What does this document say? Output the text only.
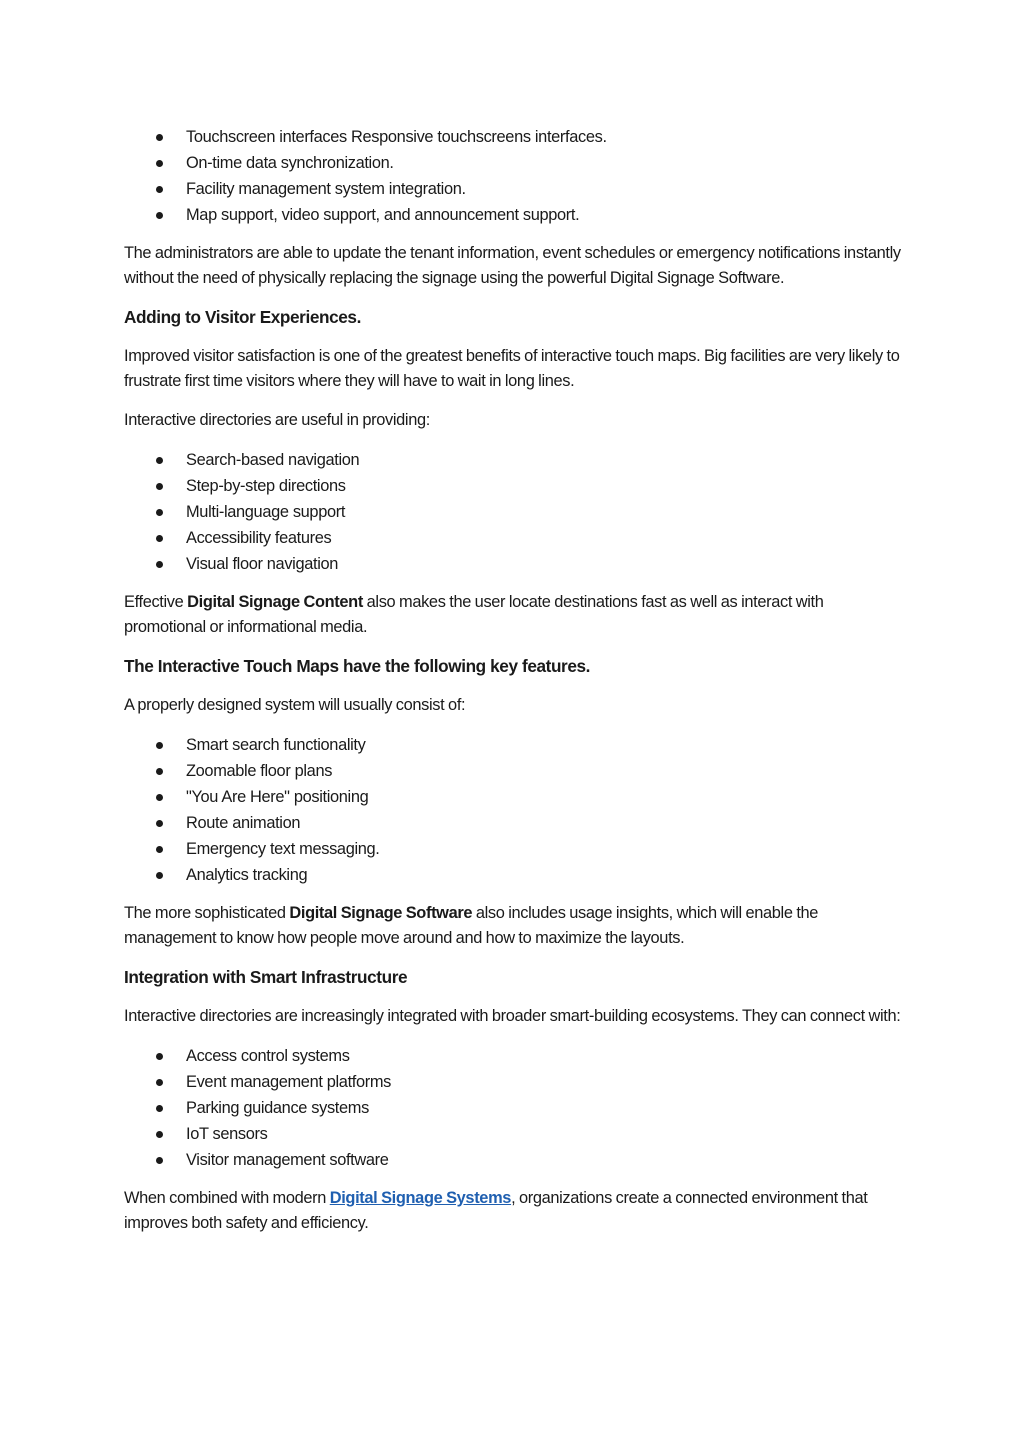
Touchscreen interfaces Responsive touchscreens interfaces.
On-time data synchronization.
Facility management system integration.
Map support, video support, and announcement support.

The administrators are able to update the tenant information, event schedules or emergency notifications instantly without the need of physically replacing the signage using the powerful Digital Signage Software.

Adding to Visitor Experiences.

Improved visitor satisfaction is one of the greatest benefits of interactive touch maps. Big facilities are very likely to frustrate first time visitors where they will have to wait in long lines.

Interactive directories are useful in providing:

Search-based navigation
Step-by-step directions
Multi-language support
Accessibility features
Visual floor navigation

Effective Digital Signage Content also makes the user locate destinations fast as well as interact with promotional or informational media.

The Interactive Touch Maps have the following key features.

A properly designed system will usually consist of:

Smart search functionality
Zoomable floor plans
"You Are Here" positioning
Route animation
Emergency text messaging.
Analytics tracking

The more sophisticated Digital Signage Software also includes usage insights, which will enable the management to know how people move around and how to maximize the layouts.

Integration with Smart Infrastructure

Interactive directories are increasingly integrated with broader smart-building ecosystems. They can connect with:

Access control systems
Event management platforms
Parking guidance systems
IoT sensors
Visitor management software

When combined with modern Digital Signage Systems, organizations create a connected environment that improves both safety and efficiency.
